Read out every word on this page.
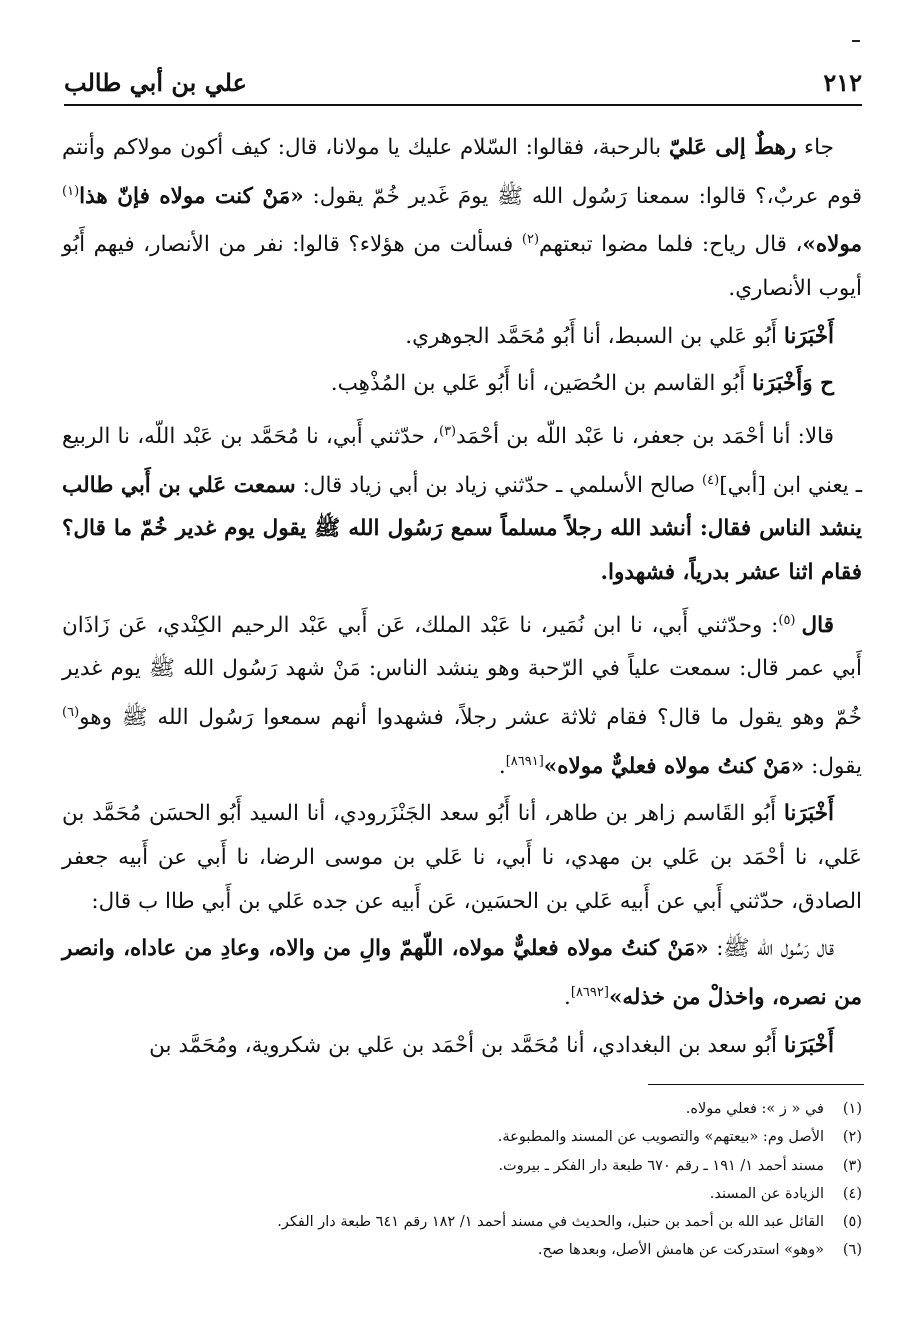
٢١٢
علي بن أبي طالب

جاء رهطٌ إلى عَليّ بالرحبة، فقالوا: السّلام عليك يا مولانا، قال: كيف أكون مولاكم وأنتم قوم عربٌ،؟ قالوا: سمعنا رَسُول الله ﷺ يومَ غَدير خُمّ يقول: «مَنْ كنت مولاه فإنّ هذا$^{(١)}$ مولاه»، قال رياح: فلما مضوا تبعتهم$^{(٢)}$ فسألت من هؤلاء؟ قالوا: نفر من الأنصار، فيهم أَبُو أيوب الأنصاري.

أَخْبَرَنا أَبُو عَلي بن السبط، أنا أَبُو مُحَمَّد الجوهري.

ح وَأَخْبَرَنا أَبُو القاسم بن الحُصَين، أنا أَبُو عَلي بن المُذْهِب.

قالا: أنا أحْمَد بن جعفر، نا عَبْد اللّه بن أحْمَد$^{(٣)}$، حدّثني أَبي، نا مُحَمَّد بن عَبْد اللّه، نا الربيع ـ يعني ابن [أبي]$^{(٤)}$ صالح الأسلمي ـ حدّثني زياد بن أبي زياد قال: سمعت عَلي بن أَبي طالب ينشد الناس فقال: أنشد الله رجلاً مسلماً سمع رَسُول الله ﷺ يقول يوم غدير خُمّ ما قال؟ فقام اثنا عشر بدرياً، فشهدوا.

قال $^{(٥)}$: وحدّثني أَبي، نا ابن نُمَير، نا عَبْد الملك، عَن أَبي عَبْد الرحيم الكِنْدي، عَن زَاذَان أَبي عمر قال: سمعت علياً في الرّحبة وهو ينشد الناس: مَنْ شهد رَسُول الله ﷺ يوم غدير خُمّ وهو يقول ما قال؟ فقام ثلاثة عشر رجلاً، فشهدوا أنهم سمعوا رَسُول الله ﷺ وهو$^{(٦)}$ يقول: «مَنْ كنتُ مولاه فعليٌّ مولاه»[٨٦٩١].

أَخْبَرَنا أَبُو القَاسم زاهر بن طاهر، أنا أَبُو سعد الجَنْزَرودي، أنا السيد أَبُو الحسَن مُحَمَّد بن عَلي، نا أحْمَد بن عَلي بن مهدي، نا أَبي، نا عَلي بن موسى الرضا، نا أَبي عن أَبيه جعفر الصادق، حدّثني أَبي عن أَبيه عَلي بن الحسَين، عَن أَبيه عن جده عَلي بن أَبي طاا ب قال:

قال رَسُول الله ﷺ: «مَنْ كنتُ مولاه فعليٌّ مولاه، اللّهمّ والِ من والاه، وعادِ من عاداه، وانصر من نصره، واخذلْ من خذله»[٨٦٩٢].

أَخْبَرَنا أَبُو سعد بن البغدادي، أنا مُحَمَّد بن أحْمَد بن عَلي بن شكروية، ومُحَمَّد بن

(١)في « ز »: فعلي مولاه.
(٢)الأصل وم: «بيعتهم» والتصويب عن المسند والمطبوعة.
(٣)مسند أحمد ١/ ١٩١ ـ رقم ٦٧٠ طبعة دار الفكر ـ بيروت.
(٤)الزيادة عن المسند.
(٥)القائل عبد الله بن أحمد بن حنبل، والحديث في مسند أحمد ١/ ١٨٢ رقم ٦٤١ طبعة دار الفكر.
(٦)«وهو» استدركت عن هامش الأصل، وبعدها صح.
